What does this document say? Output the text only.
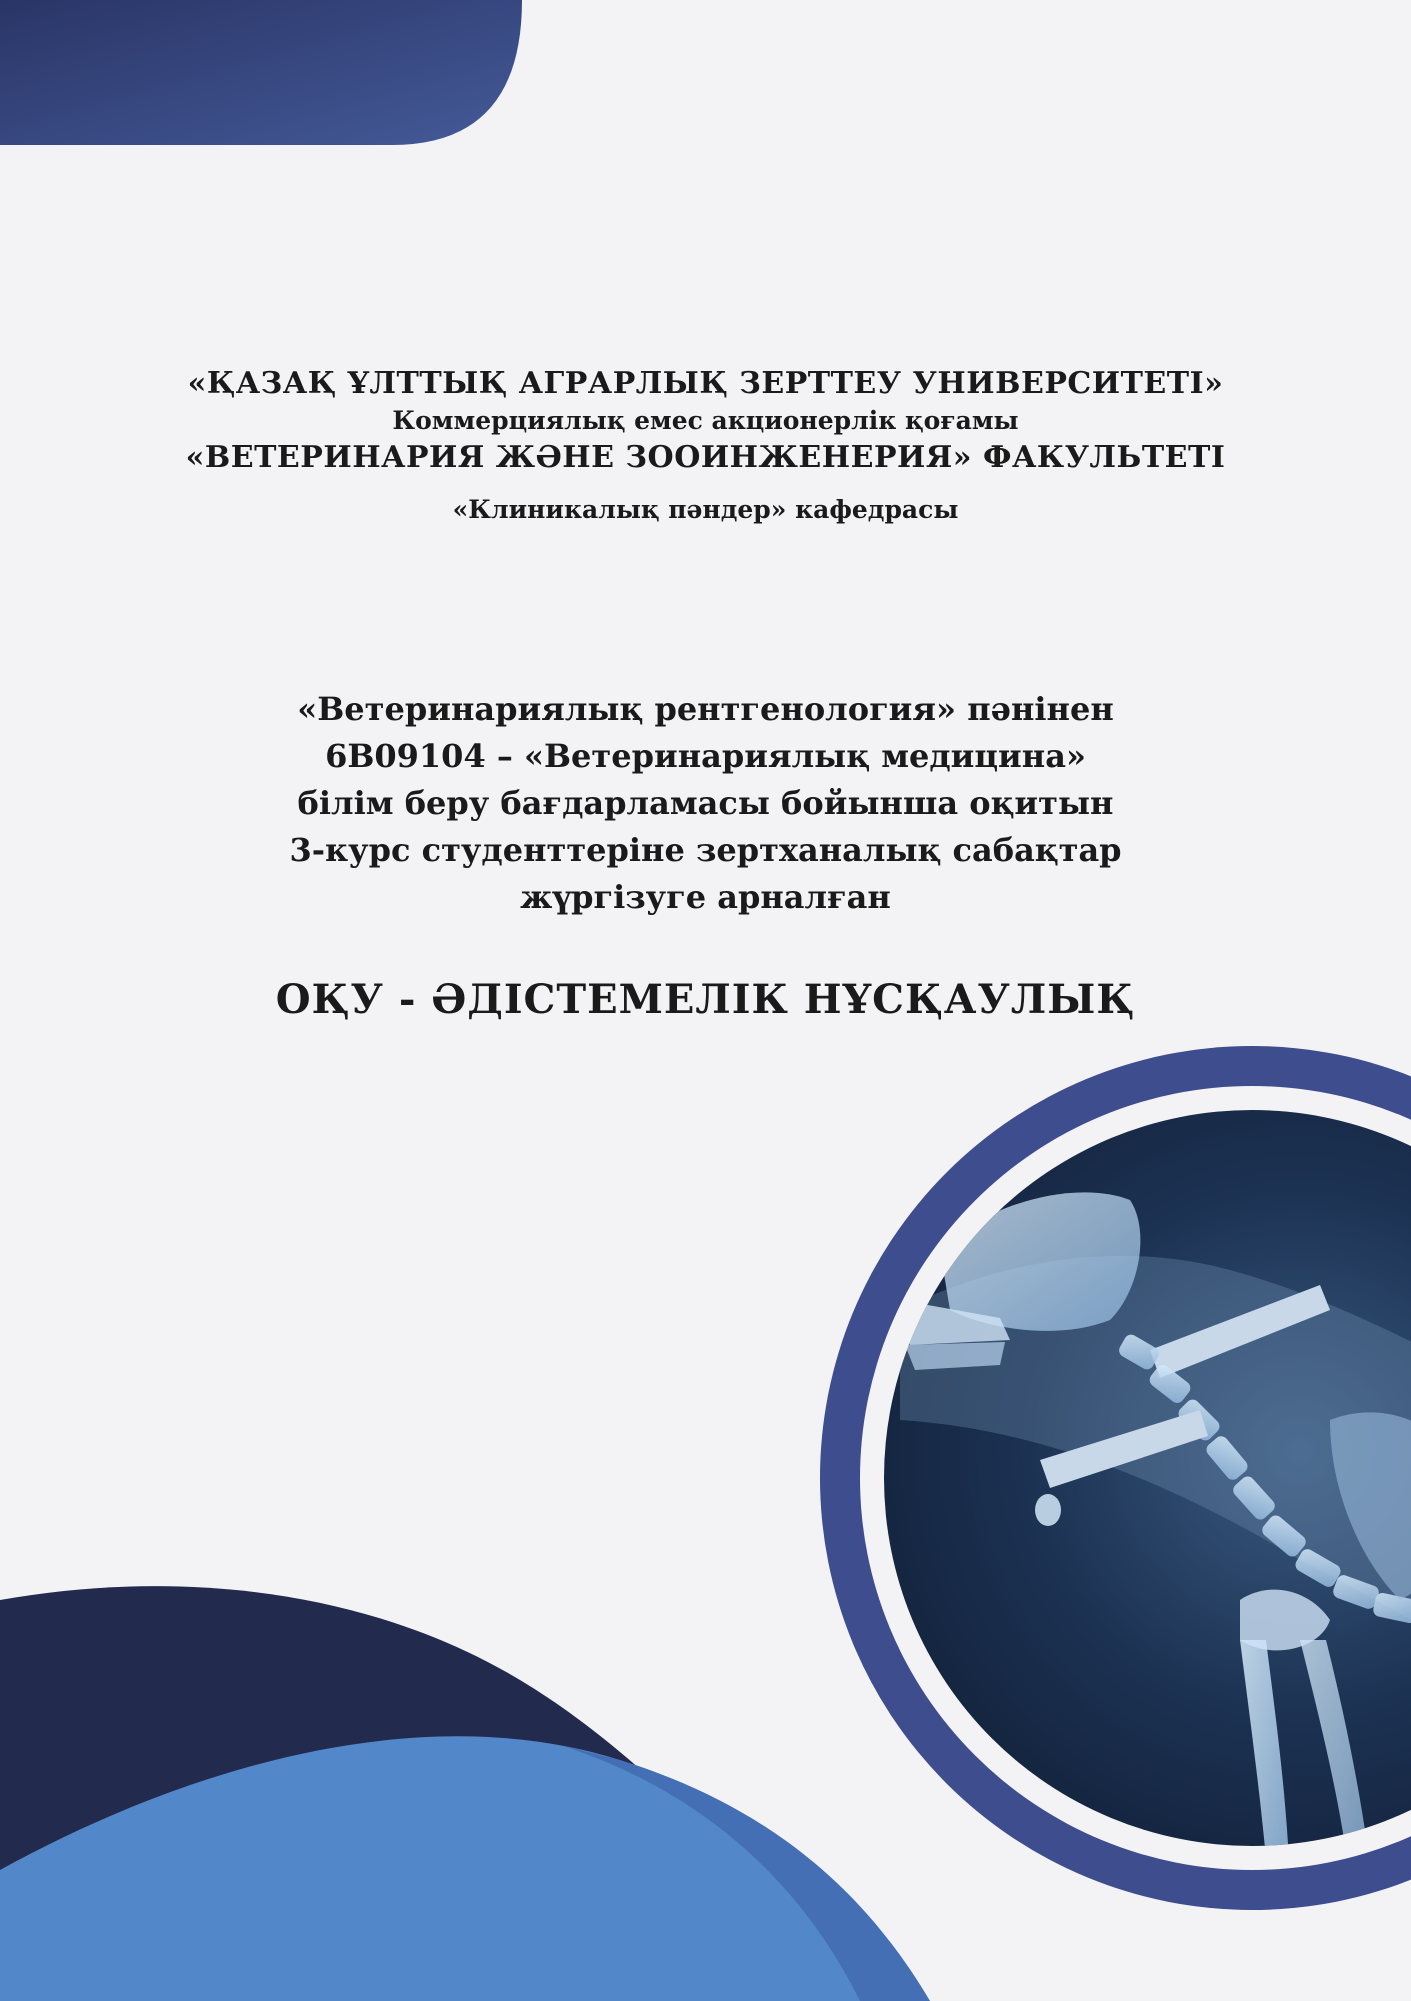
«ҚАЗАҚ ҰЛТТЫҚ АГРАРЛЫҚ ЗЕРТТЕУ УНИВЕРСИТЕТІ»
Коммерциялық емес акционерлік қоғамы
«ВЕТЕРИНАРИЯ ЖӘНЕ ЗООИНЖЕНЕРИЯ» ФАКУЛЬТЕТІ
«Клиникалық пәндер» кафедрасы
«Ветеринариялық рентгенология» пәнінен
6В09104 – «Ветеринариялық медицина»
білім беру бағдарламасы бойынша оқитын
3-курс студенттеріне зертханалық сабақтар
жүргізуге арналған
ОҚУ - ӘДІСТЕМЕЛІК НҰСҚАУЛЫҚ
